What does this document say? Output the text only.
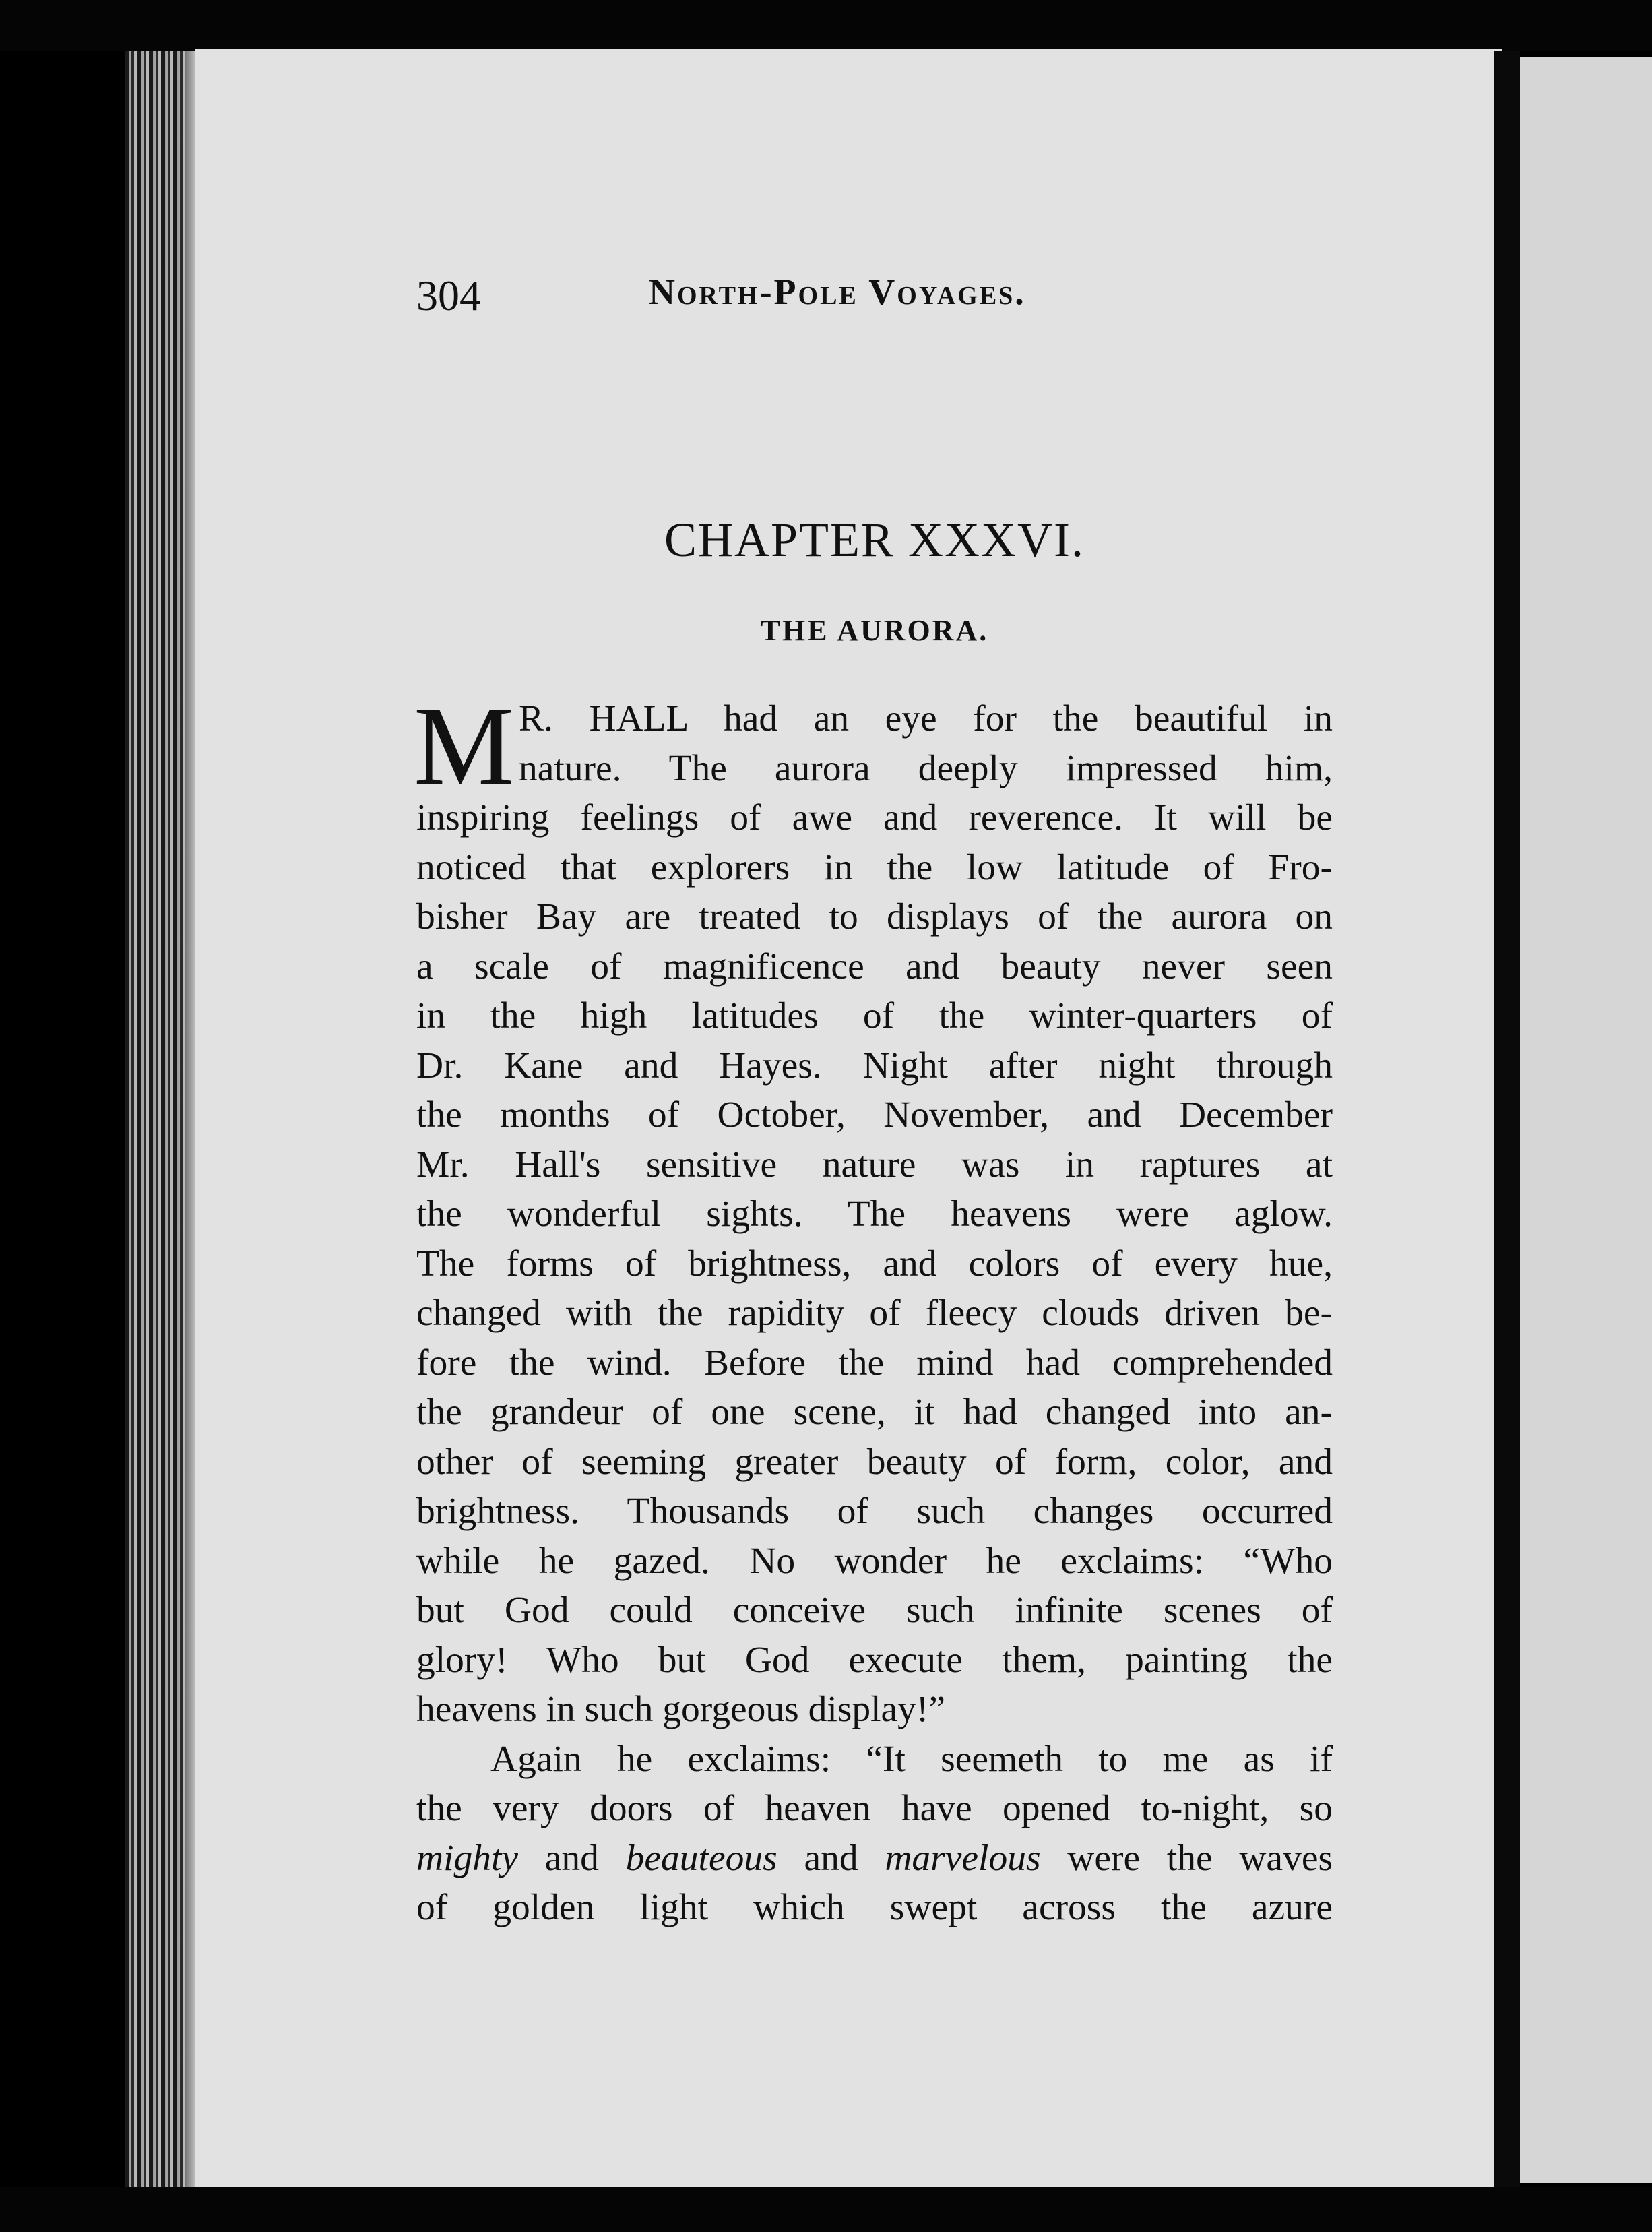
304	North-Pole Voyages.
CHAPTER XXXVI.
THE AURORA.
M R. HALL had an eye for the beautiful in
nature. The aurora deeply impressed him,
inspiring feelings of awe and reverence. It will be
noticed that explorers in the low latitude of Fro-
bisher Bay are treated to displays of the aurora on
a scale of magnificence and beauty never seen
in the high latitudes of the winter-quarters of
Dr. Kane and Hayes. Night after night through
the months of October, November, and December
Mr. Hall's sensitive nature was in raptures at
the wonderful sights. The heavens were aglow.
The forms of brightness, and colors of every hue,
changed with the rapidity of fleecy clouds driven be-
fore the wind. Before the mind had comprehended
the grandeur of one scene, it had changed into an-
other of seeming greater beauty of form, color, and
brightness. Thousands of such changes occurred
while he gazed. No wonder he exclaims: “Who
but God could conceive such infinite scenes of
glory! Who but God execute them, painting the
heavens in such gorgeous display!”
Again he exclaims: “It seemeth to me as if
the very doors of heaven have opened to-night, so
mighty and beauteous and marvelous were the waves
of golden light which swept across the azure
